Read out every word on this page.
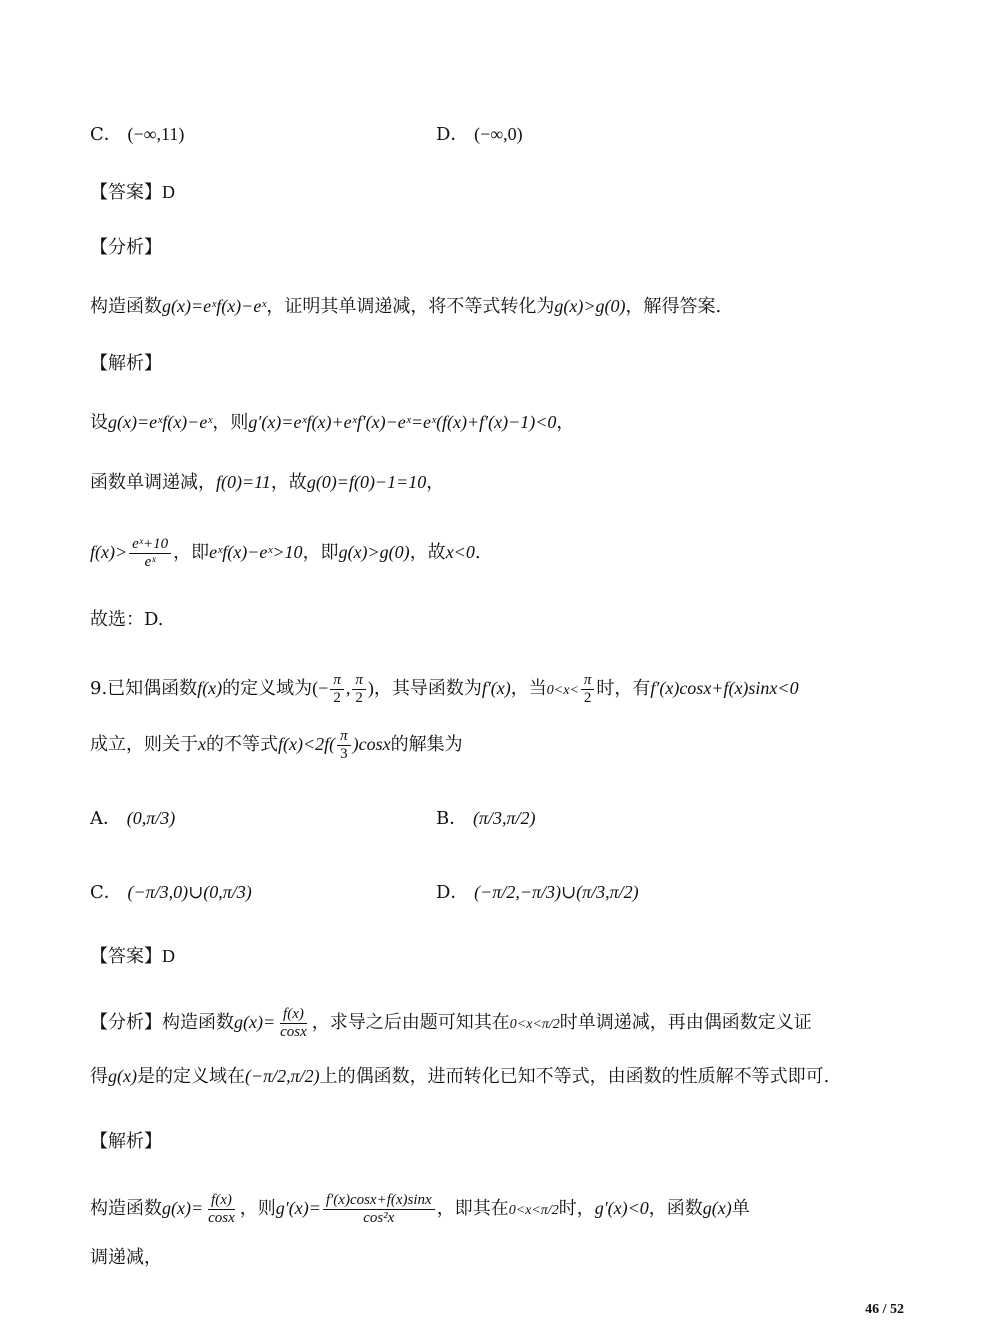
C． (−∞,11)	D． (−∞,0)
【答案】D
【分析】
构造函数g(x)=eˣf(x)−eˣ，证明其单调递减，将不等式转化为g(x)>g(0)，解得答案.
【解析】
设g(x)=eˣf(x)−eˣ，则g′(x)=eˣf(x)+eˣf′(x)−eˣ=eˣ(f(x)+f′(x)−1)<0，
函数单调递减，f(0)=11，故g(0)=f(0)−1=10，
$f(x)> \frac{\text{eˣ+10}}{\text{eˣ}}$ ，即eˣf(x)−eˣ>10，即g(x)>g(0)，故x<0.
故选：D.
9.已知偶函数f(x)的定义域为(− $\frac{\pi}{2}$ , $\frac{\pi}{2}$ )，其导函数为f′(x)，当$0<x< \frac{\pi}{2}$ 时，有f′(x)cosx+f(x)sinx<0
成立，则关于x的不等式$f(x)<2f( \frac{\pi}{3} )\cos x$的解集为
A． (0,π/3)	B． (π/3,π/2)
C． (−π/3,0)∪(0,π/3)	D． (−π/2,−π/3)∪(π/3,π/2)
【答案】D
【分析】构造函数$g(x)= \frac{f(x)}{\cos x}$ ，求导之后由题可知其在0<x<π/2时单调递减，再由偶函数定义证
得g(x)是的定义域在(−π/2,π/2)上的偶函数，进而转化已知不等式，由函数的性质解不等式即可.
【解析】
构造函数$g(x)= \frac{f(x)}{\cos x}$ ，则$g'(x)= \frac{f'(x)\cos x+f(x)\sin x}{\text{cos²x}}$ ，即其在0<x<π/2时，g′(x)<0，函数g(x)单
调递减，
46 / 52
